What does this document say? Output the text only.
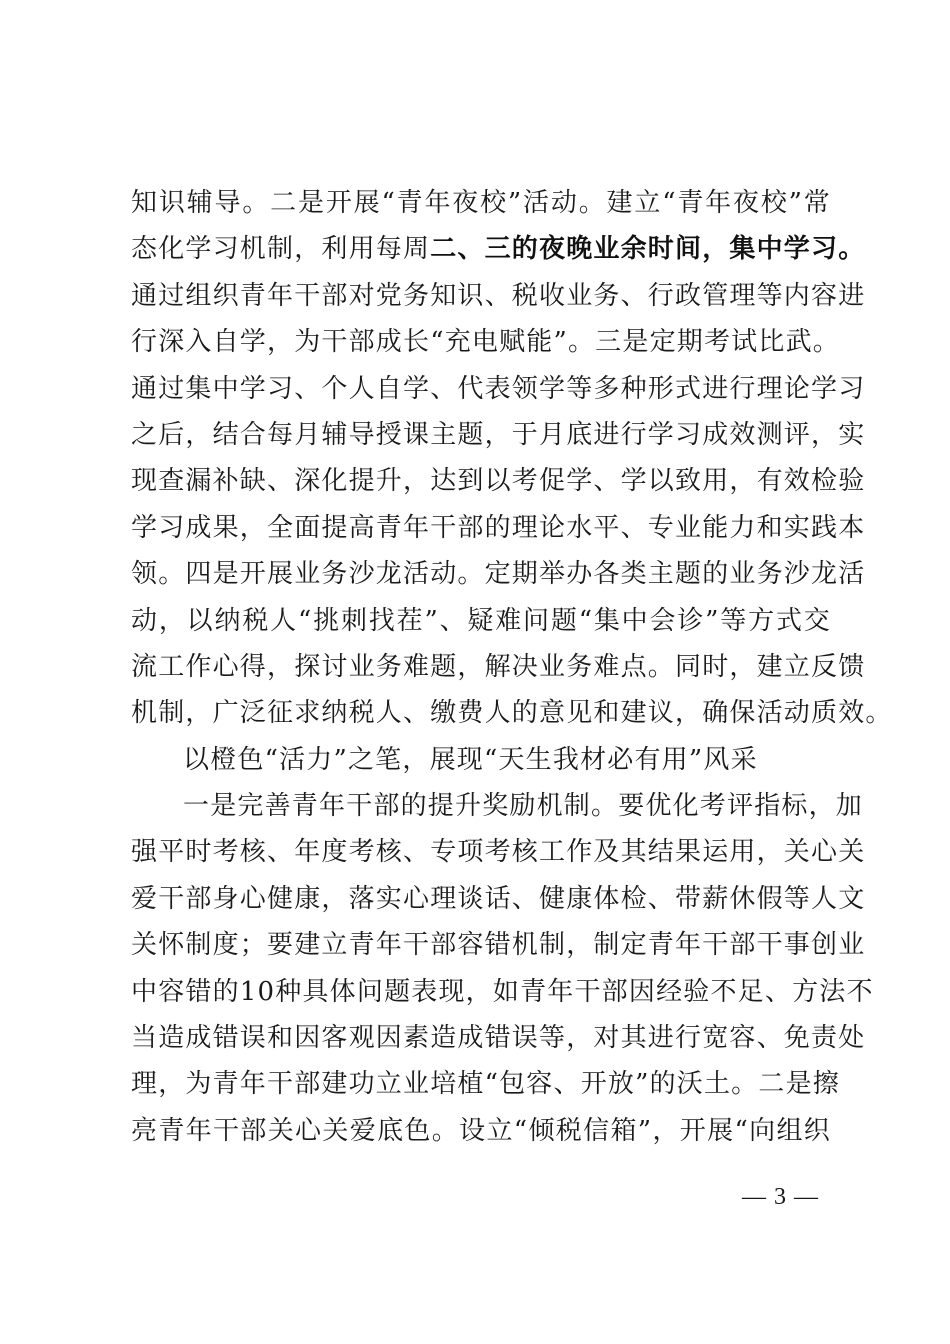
知识辅导。二是开展“青年夜校”活动。建立“青年夜校”常
态化学习机制，利用每周二、三的夜晚业余时间，集中学习。
通过组织青年干部对党务知识、税收业务、行政管理等内容进
行深入自学，为干部成长“充电赋能”。三是定期考试比武。
通过集中学习、个人自学、代表领学等多种形式进行理论学习
之后，结合每月辅导授课主题，于月底进行学习成效测评，实
现查漏补缺、深化提升，达到以考促学、学以致用，有效检验
学习成果，全面提高青年干部的理论水平、专业能力和实践本
领。四是开展业务沙龙活动。定期举办各类主题的业务沙龙活
动，以纳税人“挑刺找茬”、疑难问题“集中会诊”等方式交
流工作心得，探讨业务难题，解决业务难点。同时，建立反馈
机制，广泛征求纳税人、缴费人的意见和建议，确保活动质效。
以橙色“活力”之笔，展现“天生我材必有用”风采
一是完善青年干部的提升奖励机制。要优化考评指标，加
强平时考核、年度考核、专项考核工作及其结果运用，关心关
爱干部身心健康，落实心理谈话、健康体检、带薪休假等人文
关怀制度；要建立青年干部容错机制，制定青年干部干事创业
中容错的10种具体问题表现，如青年干部因经验不足、方法不
当造成错误和因客观因素造成错误等，对其进行宽容、免责处
理，为青年干部建功立业培植“包容、开放”的沃土。二是擦
亮青年干部关心关爱底色。设立“倾税信箱”，开展“向组织
— 3 —
